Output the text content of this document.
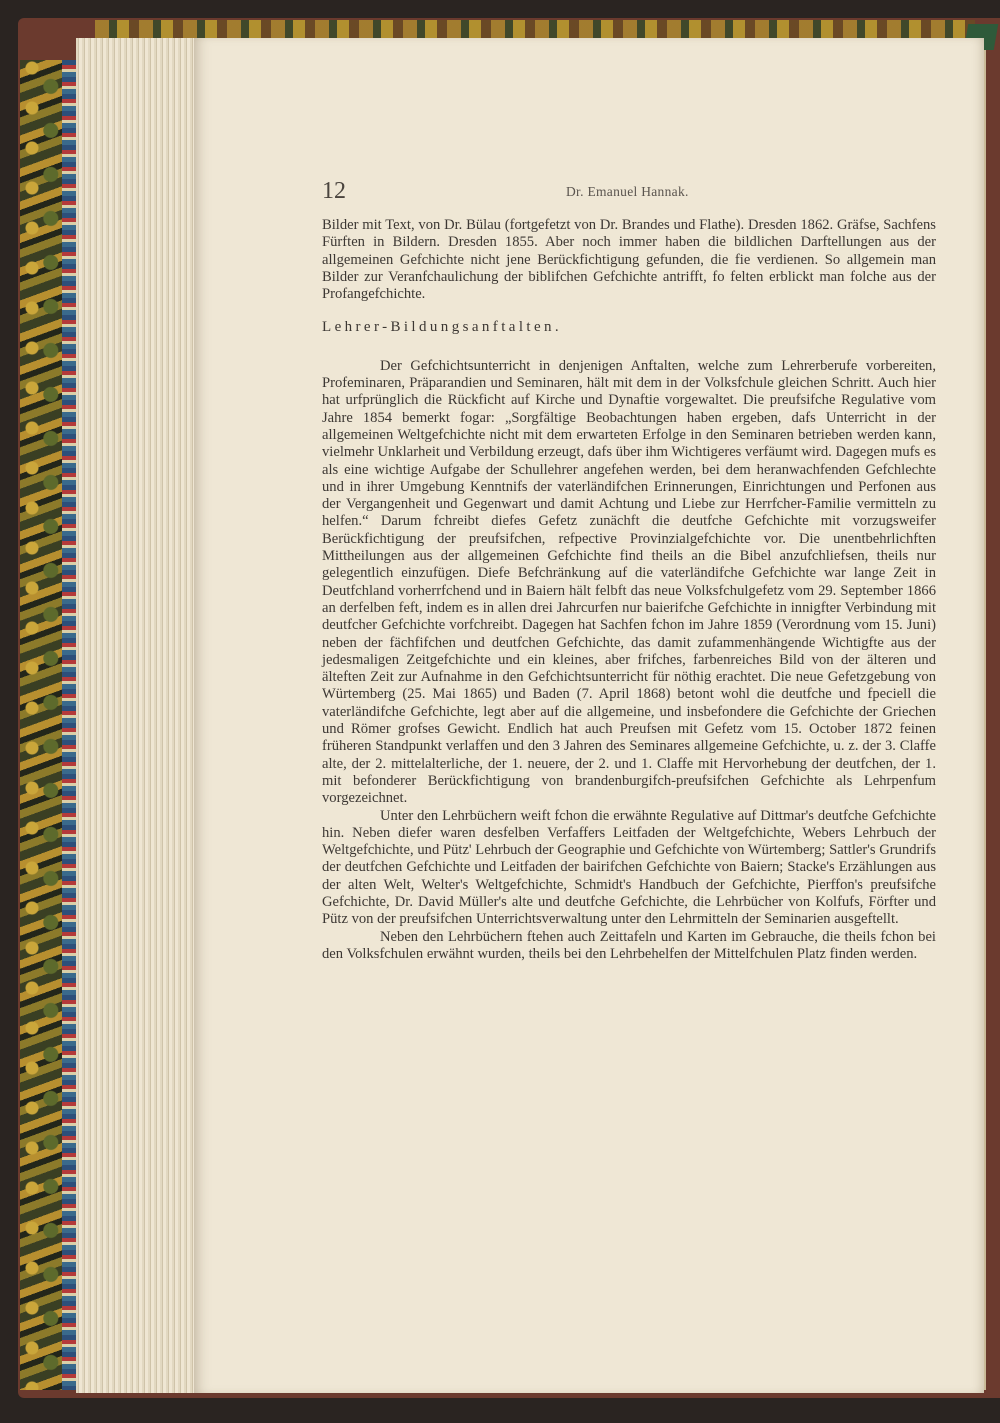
12	Dr. Emanuel Hannak.

Bilder mit Text, von Dr. Bülau (fortgefetzt von Dr. Brandes und Flathe). Dresden 1862. Gräfse, Sachfens Fürften in Bildern. Dresden 1855. Aber noch immer haben die bildlichen Darftellungen aus der allgemeinen Gefchichte nicht jene Berückfichtigung gefunden, die fie verdienen. So allgemein man Bilder zur Veranfchaulichung der biblifchen Gefchichte antrifft, fo felten erblickt man folche aus der Profangefchichte.

Lehrer-Bildungsanftalten.

Der Gefchichtsunterricht in denjenigen Anftalten, welche zum Lehrerberufe vorbereiten, Profeminaren, Präparandien und Seminaren, hält mit dem in der Volksfchule gleichen Schritt. Auch hier hat urfprünglich die Rückficht auf Kirche und Dynaftie vorgewaltet. Die preufsifche Regulative vom Jahre 1854 bemerkt fogar: „Sorgfältige Beobachtungen haben ergeben, dafs Unterricht in der allgemeinen Weltgefchichte nicht mit dem erwarteten Erfolge in den Seminaren betrieben werden kann, vielmehr Unklarheit und Verbildung erzeugt, dafs über ihm Wichtigeres verfäumt wird. Dagegen mufs es als eine wichtige Aufgabe der Schullehrer angefehen werden, bei dem heranwachfenden Gefchlechte und in ihrer Umgebung Kenntnifs der vaterländifchen Erinnerungen, Einrichtungen und Perfonen aus der Vergangenheit und Gegenwart und damit Achtung und Liebe zur Herrfcher-Familie vermitteln zu helfen.“ Darum fchreibt diefes Gefetz zunächft die deutfche Gefchichte mit vorzugsweifer Berückfichtigung der preufsifchen, refpective Provinzialgefchichte vor. Die unentbehrlichften Mittheilungen aus der allgemeinen Gefchichte find theils an die Bibel anzufchliefsen, theils nur gelegentlich einzufügen. Diefe Befchränkung auf die vaterländifche Gefchichte war lange Zeit in Deutfchland vorherrfchend und in Baiern hält felbft das neue Volksfchulgefetz vom 29. September 1866 an derfelben feft, indem es in allen drei Jahrcurfen nur baierifche Gefchichte in innigfter Verbindung mit deutfcher Gefchichte vorfchreibt. Dagegen hat Sachfen fchon im Jahre 1859 (Verordnung vom 15. Juni) neben der fächfifchen und deutfchen Gefchichte, das damit zufammenhängende Wichtigfte aus der jedesmaligen Zeitgefchichte und ein kleines, aber frifches, farbenreiches Bild von der älteren und älteften Zeit zur Aufnahme in den Gefchichtsunterricht für nöthig erachtet. Die neue Gefetzgebung von Würtemberg (25. Mai 1865) und Baden (7. April 1868) betont wohl die deutfche und fpeciell die vaterländifche Gefchichte, legt aber auf die allgemeine, und insbefondere die Gefchichte der Griechen und Römer grofses Gewicht. Endlich hat auch Preufsen mit Gefetz vom 15. October 1872 feinen früheren Standpunkt verlaffen und den 3 Jahren des Seminares allgemeine Gefchichte, u. z. der 3. Claffe alte, der 2. mittelalterliche, der 1. neuere, der 2. und 1. Claffe mit Hervorhebung der deutfchen, der 1. mit befonderer Berückfichtigung von brandenburgifch-preufsifchen Gefchichte als Lehrpenfum vorgezeichnet.

Unter den Lehrbüchern weift fchon die erwähnte Regulative auf Dittmar's deutfche Gefchichte hin. Neben diefer waren desfelben Verfaffers Leitfaden der Weltgefchichte, Webers Lehrbuch der Weltgefchichte, und Pütz' Lehrbuch der Geographie und Gefchichte von Würtemberg; Sattler's Grundrifs der deutfchen Gefchichte und Leitfaden der bairifchen Gefchichte von Baiern; Stacke's Erzählungen aus der alten Welt, Welter's Weltgefchichte, Schmidt's Handbuch der Gefchichte, Pierffon's preufsifche Gefchichte, Dr. David Müller's alte und deutfche Gefchichte, die Lehrbücher von Kolfufs, Förfter und Pütz von der preufsifchen Unterrichtsverwaltung unter den Lehrmitteln der Seminarien ausgeftellt.

Neben den Lehrbüchern ftehen auch Zeittafeln und Karten im Gebrauche, die theils fchon bei den Volksfchulen erwähnt wurden, theils bei den Lehrbehelfen der Mittelfchulen Platz finden werden.
